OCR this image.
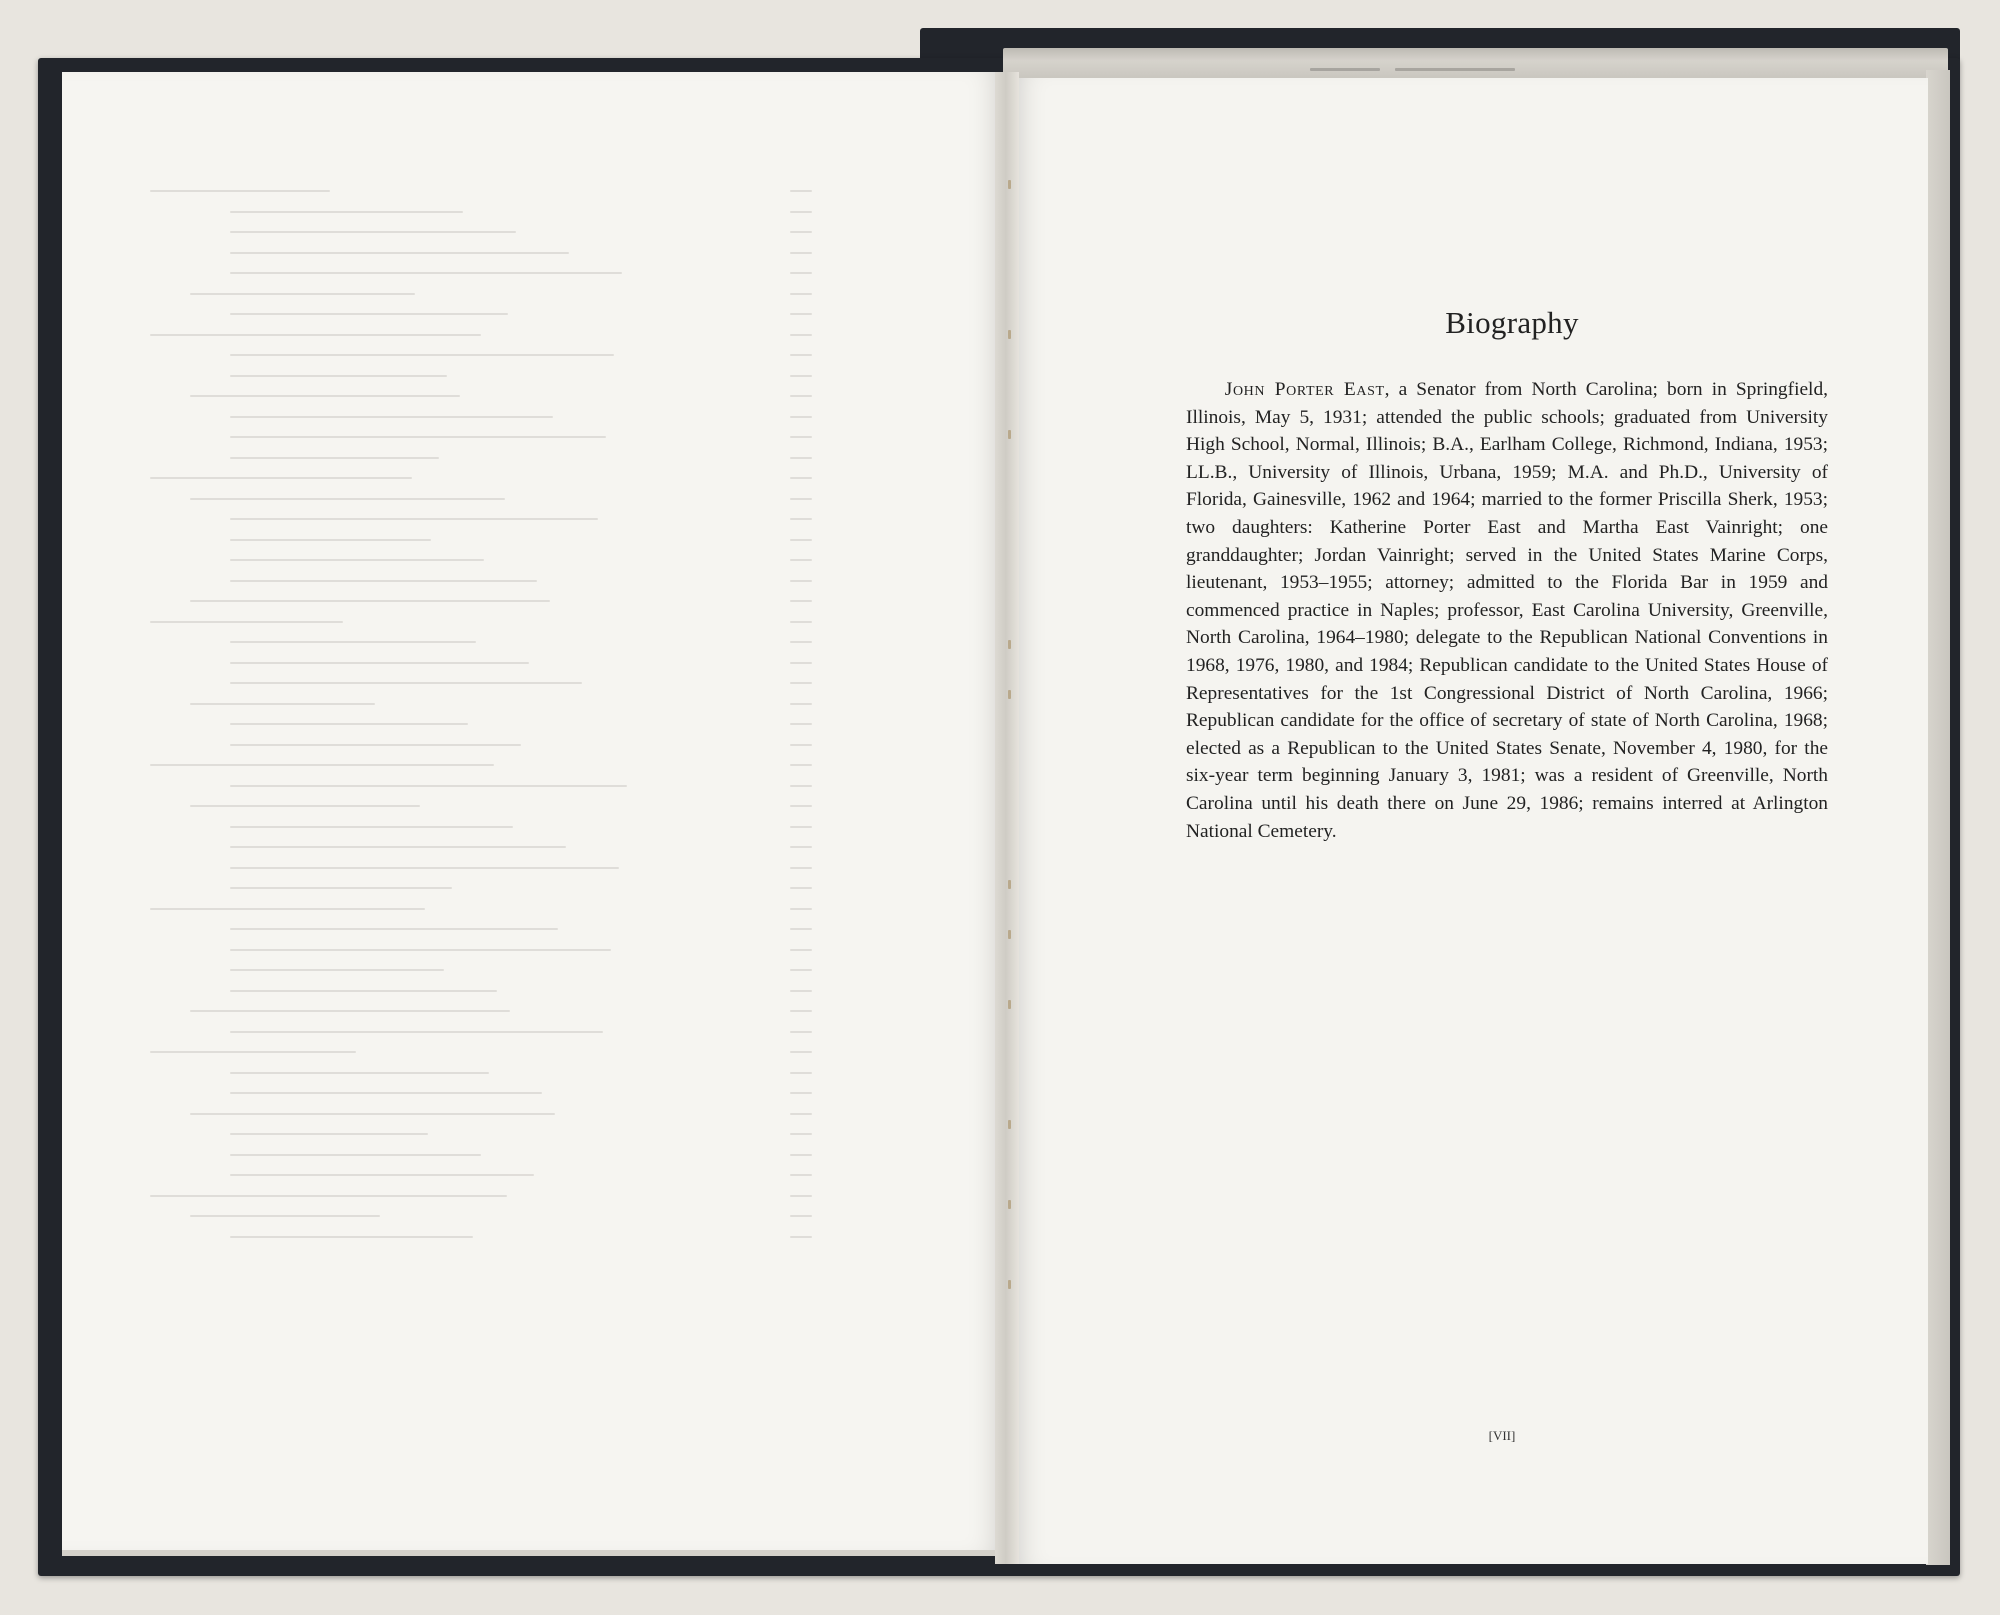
Biography

John Porter East, a Senator from North Carolina; born in Springfield, Illinois, May 5, 1931; attended the public schools; graduated from University High School, Normal, Illinois; B.A., Earlham College, Richmond, Indiana, 1953; LL.B., University of Illinois, Urbana, 1959; M.A. and Ph.D., University of Florida, Gainesville, 1962 and 1964; married to the former Priscilla Sherk, 1953; two daughters: Katherine Porter East and Martha East Vainright; one granddaughter; Jordan Vainright; served in the United States Marine Corps, lieutenant, 1953–1955; attorney; admitted to the Florida Bar in 1959 and commenced practice in Naples; professor, East Carolina University, Greenville, North Carolina, 1964–1980; delegate to the Republican National Conventions in 1968, 1976, 1980, and 1984; Republican candidate to the United States House of Representatives for the 1st Congressional District of North Carolina, 1966; Republican candidate for the office of secretary of state of North Carolina, 1968; elected as a Republican to the United States Senate, November 4, 1980, for the six-year term beginning January 3, 1981; was a resident of Greenville, North Carolina until his death there on June 29, 1986; remains interred at Arlington National Cemetery.

[VII]
